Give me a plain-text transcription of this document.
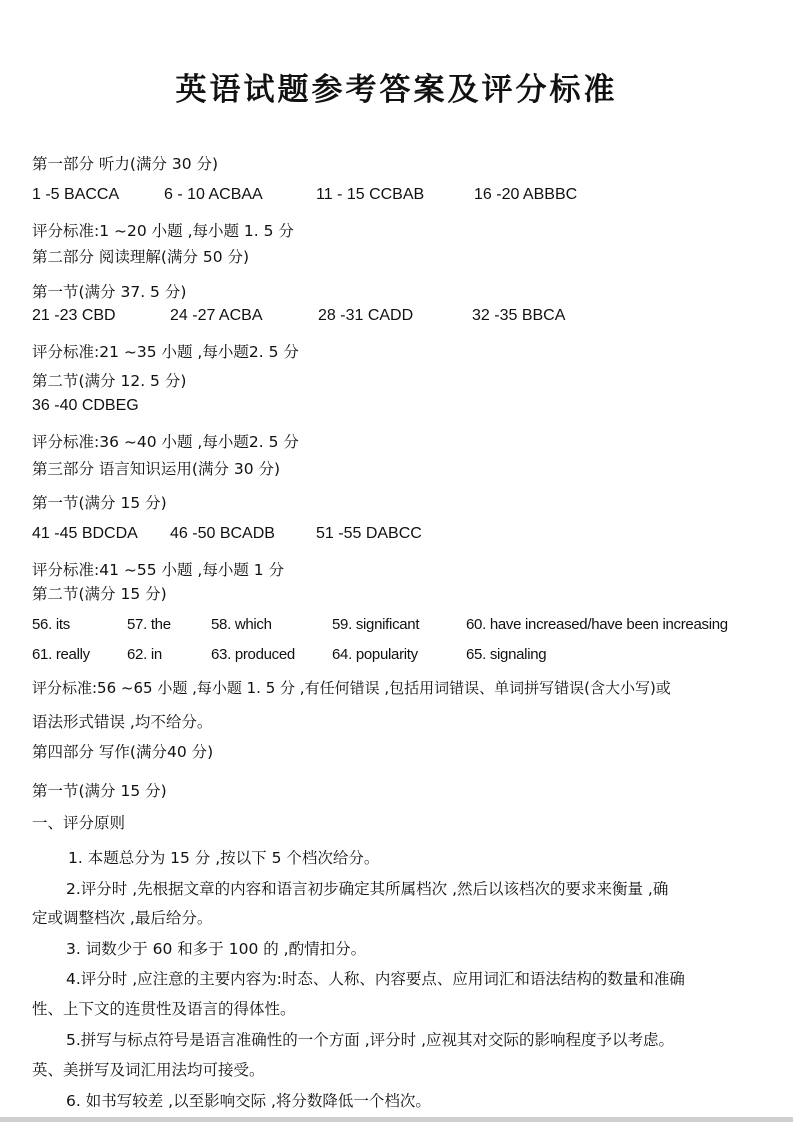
英语试题参考答案及评分标准
第一部分 听力(满分 30 分)
1 -5 BACCA	6 - 10 ACBAA	11 - 15 CCBAB	16 -20 ABBBC
评分标准:1 ~20 小题 ,每小题 1. 5 分
第二部分 阅读理解(满分 50 分)
第一节(满分 37. 5 分)
21 -23 CBD	24 -27 ACBA	28 -31 CADD	32 -35 BBCA
评分标准:21 ~35 小题 ,每小题2. 5 分
第二节(满分 12. 5 分)
36 -40 CDBEG
评分标准:36 ~40 小题 ,每小题2. 5 分
第三部分 语言知识运用(满分 30 分)
第一节(满分 15 分)
41 -45 BDCDA 46 -50 BCADB	51 -55 DABCC
评分标准:41 ~55 小题 ,每小题 1 分
第二节(满分 15 分)
56. its	57. the	58. which	59. significant	60. have increased/have been increasing
61. really 62. in	63. produced 64. popularity	65. signaling
评分标准:56 ~65 小题 ,每小题 1. 5 分 ,有任何错误 ,包括用词错误、单词拼写错误(含大小写)或
语法形式错误 ,均不给分。
第四部分 写作(满分40 分)
第一节(满分 15 分)
一、评分原则
1. 本题总分为 15 分 ,按以下 5 个档次给分。
2.评分时 ,先根据文章的内容和语言初步确定其所属档次 ,然后以该档次的要求来衡量 ,确
定或调整档次 ,最后给分。
3. 词数少于 60 和多于 100 的 ,酌情扣分。
4.评分时 ,应注意的主要内容为:时态、人称、内容要点、应用词汇和语法结构的数量和准确
性、上下文的连贯性及语言的得体性。
5.拼写与标点符号是语言准确性的一个方面 ,评分时 ,应视其对交际的影响程度予以考虑。
英、美拼写及词汇用法均可接受。
6. 如书写较差 ,以至影响交际 ,将分数降低一个档次。
